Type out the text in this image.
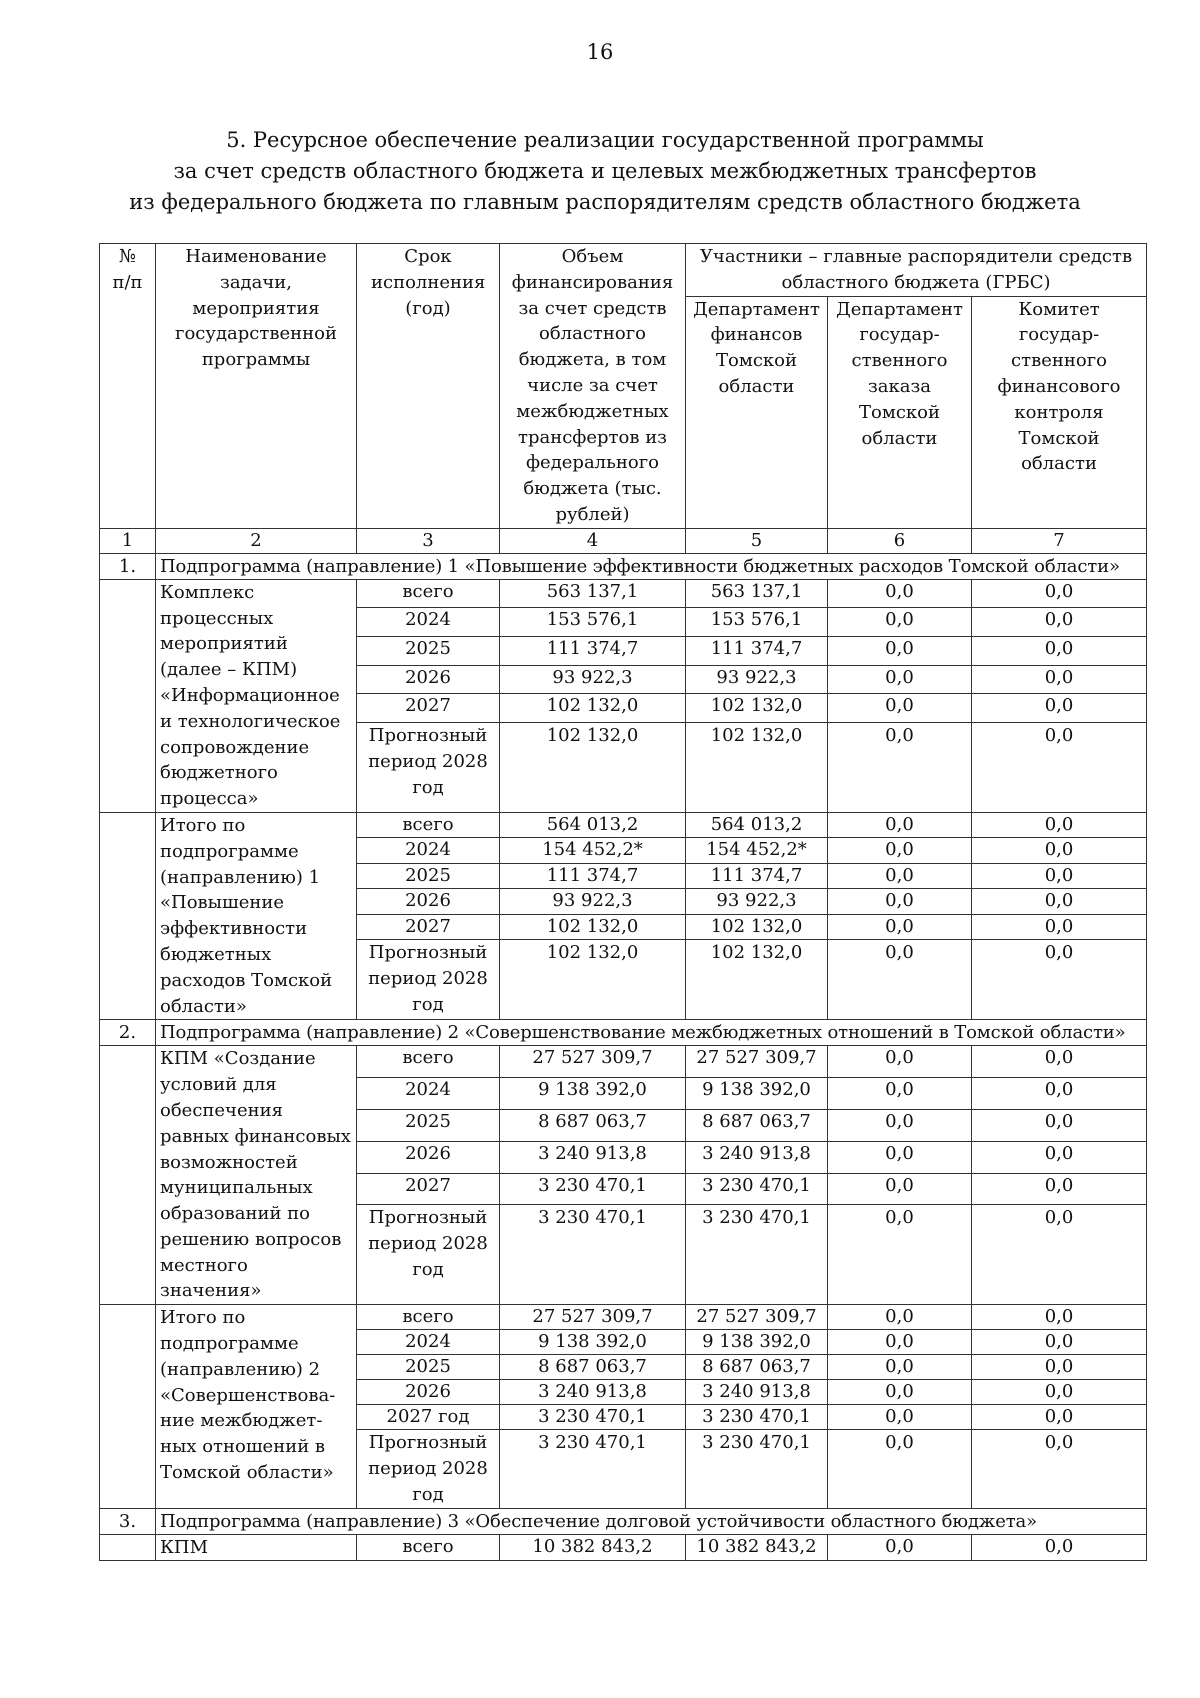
16
5. Ресурсное обеспечение реализации государственной программы
за счет средств областного бюджета и целевых межбюджетных трансфертов
из федерального бюджета по главным распорядителям средств областного бюджета
№ п/п	Наименование задачи, мероприятия государственной программы	Срок исполнения (год)	Объем финансирования за счет средств областного бюджета, в том числе за счет межбюджетных трансфертов из федерального бюджета (тыс. рублей)	Участники – главные распорядители средств областного бюджета (ГРБС)		
				Департамент финансов Томской области	Департамент государ-ственного заказа Томской области	Комитет государ-ственного финансового контроля Томской области
1	2	3	4	5	6	7
1.	Подпрограмма (направление) 1 «Повышение эффективности бюджетных расходов Томской области»					
	Комплекс процессных мероприятий (далее – КПМ) «Информационное и технологическое сопровождение бюджетного процесса»	всего	563 137,1	563 137,1	0,0	0,0
		2024	153 576,1	153 576,1	0,0	0,0
		2025	111 374,7	111 374,7	0,0	0,0
		2026	93 922,3	93 922,3	0,0	0,0
		2027	102 132,0	102 132,0	0,0	0,0
		Прогнозный период 2028 год	102 132,0	102 132,0	0,0	0,0
	Итого по подпрограмме (направлению) 1 «Повышение эффективности бюджетных расходов Томской области»	всего	564 013,2	564 013,2	0,0	0,0
		2024	154 452,2*	154 452,2*	0,0	0,0
		2025	111 374,7	111 374,7	0,0	0,0
		2026	93 922,3	93 922,3	0,0	0,0
		2027	102 132,0	102 132,0	0,0	0,0
		Прогнозный период 2028 год	102 132,0	102 132,0	0,0	0,0
2.	Подпрограмма (направление) 2 «Совершенствование межбюджетных отношений в Томской области»					
	КПМ «Создание условий для обеспечения равных финансовых возможностей муниципальных образований по решению вопросов местного значения»	всего	27 527 309,7	27 527 309,7	0,0	0,0
		2024	9 138 392,0	9 138 392,0	0,0	0,0
		2025	8 687 063,7	8 687 063,7	0,0	0,0
		2026	3 240 913,8	3 240 913,8	0,0	0,0
		2027	3 230 470,1	3 230 470,1	0,0	0,0
		Прогнозный период 2028 год	3 230 470,1	3 230 470,1	0,0	0,0
	Итого по подпрограмме (направлению) 2 «Совершенствова-ние межбюджет-ных отношений в Томской области»	всего	27 527 309,7	27 527 309,7	0,0	0,0
		2024	9 138 392,0	9 138 392,0	0,0	0,0
		2025	8 687 063,7	8 687 063,7	0,0	0,0
		2026	3 240 913,8	3 240 913,8	0,0	0,0
		2027 год	3 230 470,1	3 230 470,1	0,0	0,0
		Прогнозный период 2028 год	3 230 470,1	3 230 470,1	0,0	0,0
3.	Подпрограмма (направление) 3 «Обеспечение долговой устойчивости областного бюджета»					
	КПМ	всего	10 382 843,2	10 382 843,2	0,0	0,0
